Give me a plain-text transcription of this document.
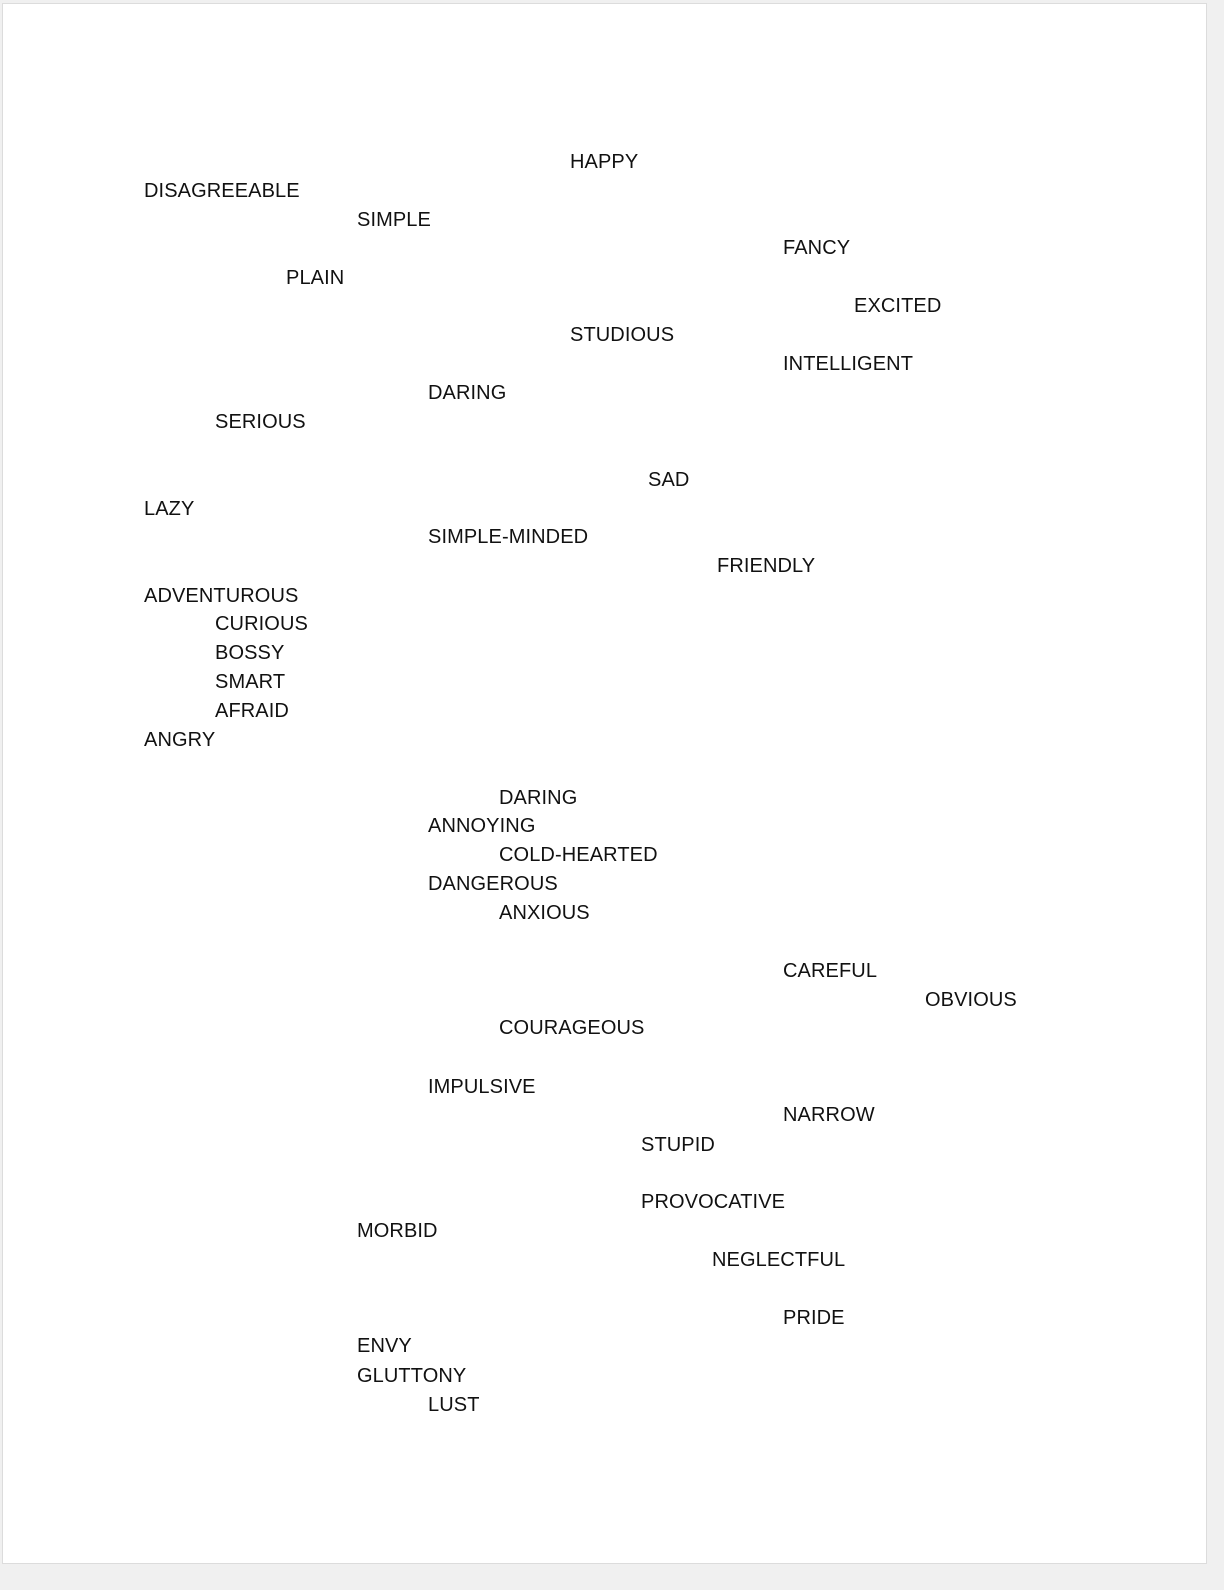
HAPPY
DISAGREEABLE
SIMPLE
FANCY
PLAIN
EXCITED
STUDIOUS
INTELLIGENT
DARING
SERIOUS
SAD
LAZY
SIMPLE-MINDED
FRIENDLY
ADVENTUROUS
CURIOUS
BOSSY
SMART
AFRAID
ANGRY
DARING
ANNOYING
COLD-HEARTED
DANGEROUS
ANXIOUS
CAREFUL
OBVIOUS
COURAGEOUS
IMPULSIVE
NARROW
STUPID
PROVOCATIVE
MORBID
NEGLECTFUL
PRIDE
ENVY
GLUTTONY
LUST
